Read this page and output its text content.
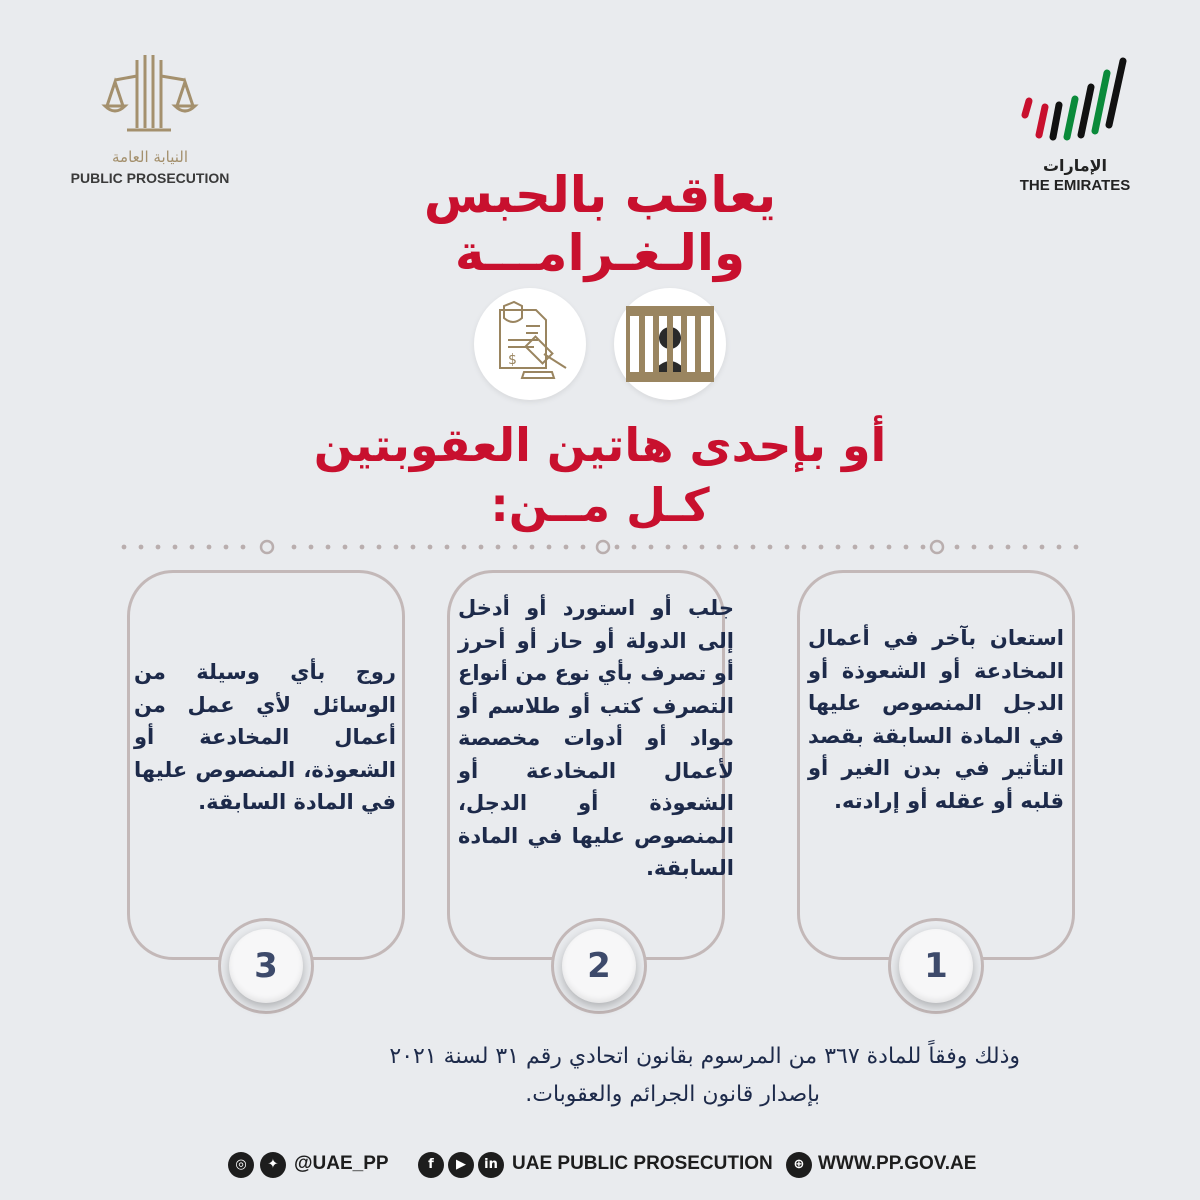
النيابة العامة
PUBLIC PROSECUTION
الإمارات
THE EMIRATES
يعاقب بالحبس
والـغـرامـــة
$
أو بإحدى هاتين العقوبتين
كـل مــن:
استعان بآخر في أعمال المخادعة أو الشعوذة أو الدجل المنصوص عليها في المادة السابقة بقصد التأثير في بدن الغير أو قلبه أو عقله أو إرادته.
جلب أو استورد أو أدخل إلى الدولة أو حاز أو أحرز أو تصرف بأي نوع من أنواع التصرف كتب أو طلاسم أو مواد أو أدوات مخصصة لأعمال المخادعة أو الشعوذة أو الدجل، المنصوص عليها في المادة السابقة.
روج بأي وسيلة من الوسائل لأي عمل من أعمال المخادعة أو الشعوذة، المنصوص عليها في المادة السابقة.
1
2
3
وذلك وفقاً للمادة ٣٦٧ من المرسوم بقانون اتحادي رقم ٣١ لسنة ٢٠٢١
بإصدار قانون الجرائم والعقوبات.
◎	✦ @UAE_PP	f	▶	in UAE PUBLIC PROSECUTION	⊕ WWW.PP.GOV.AE
